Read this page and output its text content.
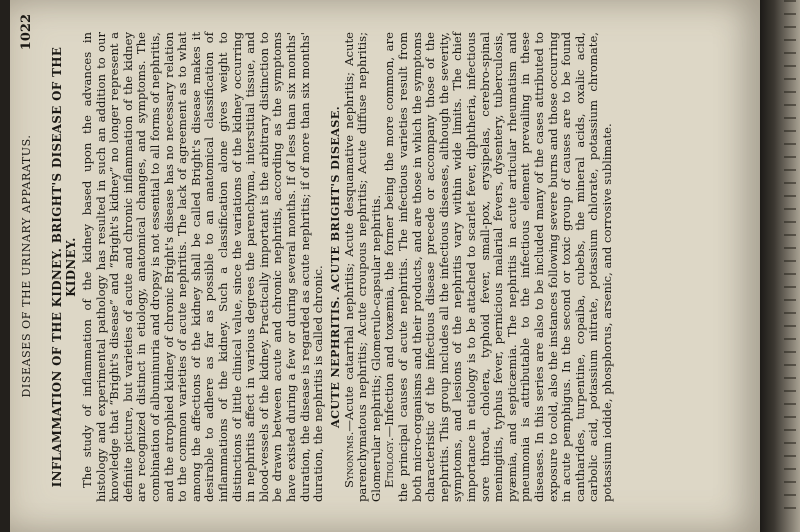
1022
DISEASES OF THE URINARY APPARATUS. INFLAMMATION OF THE KIDNEY. BRIGHT'S DISEASE OF THE KIDNEY. The study of inflammation of the kidney based upon the advances in histology and experimental pathology has resulted in such an addition to our knowledge that “Bright's disease” and “Bright's kidney” no longer represent a definite picture, but varieties of acute and chronic inflammation of the kidney are recognized distinct in etiology, anatomical changes, and symptoms. The combination of albuminuria and dropsy is not essential to all forms of nephritis, and the atrophied kidney of chronic Bright's disease has no necessary relation to the common varieties of acute nephritis. The lack of agreement as to what among the affections of the kidney shall be called Bright's disease makes it desirable to adhere as far as possible to an anatomical classification of inflammations of the kidney. Such a classification alone gives weight to distinctions of little clinical value, since the variations of the kidney occurring in nephritis affect in various degrees the parenchyma, interstitial tissue, and blood-vessels of the kidney. Practically important is the arbitrary distinction to be drawn between acute and chronic nephritis, according as the symptoms have existed during a few or during several months. If of less than six months' duration, the disease is regarded as acute nephritis; if of more than six months' duration, the nephritis is called chronic. ACUTE NEPHRITIS. ACUTE BRIGHT'S DISEASE.

Synonyms.—Acute catarrhal nephritis; Acute desquamative nephritis; Acute parenchymatous nephritis; Acute croupous nephritis; Acute diffuse nephritis; Glomerular nephritis; Glomerulo-capsular nephritis. Etiology.—Infection and toxæmia, the former being the more common, are the principal causes of acute nephritis. The infectious varieties result from both micro-organisms and their products, and are those in which the symptoms characteristic of the infectious disease precede or accompany those of the nephritis. This group includes all the infectious diseases, although the severity, symptoms, and lesions of the nephritis vary within wide limits. The chief importance in etiology is to be attached to scarlet fever, diphtheria, infectious sore throat, cholera, typhoid fever, small-pox, erysipelas, cerebro-spinal meningitis, typhus fever, pernicious malarial fevers, dysentery, tuberculosis, pyæmia, and septicæmia. The nephritis in acute articular rheumatism and pneumonia is attributable to the infectious element prevailing in these diseases. In this series are also to be included many of the cases attributed to exposure to cold, also the instances following severe burns and those occurring in acute pemphigus. In the second or toxic group of causes are to be found cantharides, turpentine, copaiba, cubebs, the mineral acids, oxalic acid, carbolic acid, potassium nitrate, potassium chlorate, potassium chromate, potassium iodide, phosphorus, arsenic, and corrosive sublimate.
